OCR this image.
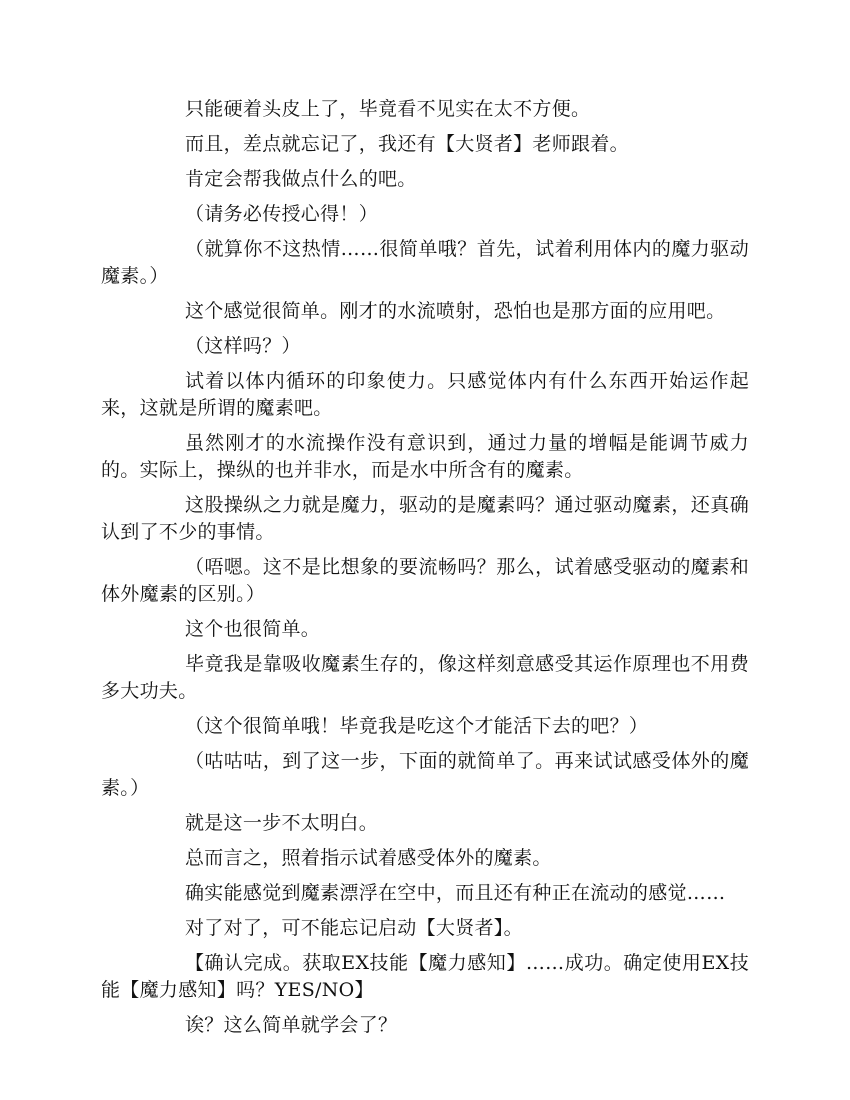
只能硬着头皮上了，毕竟看不见实在太不方便。

而且，差点就忘记了，我还有【大贤者】老师跟着。

肯定会帮我做点什么的吧。

（请务必传授心得！）

（就算你不这热情……很简单哦？首先，试着利用体内的魔力驱动魔素。）

这个感觉很简单。刚才的水流喷射，恐怕也是那方面的应用吧。

（这样吗？）

试着以体内循环的印象使力。只感觉体内有什么东西开始运作起来，这就是所谓的魔素吧。

虽然刚才的水流操作没有意识到，通过力量的增幅是能调节威力的。实际上，操纵的也并非水，而是水中所含有的魔素。

这股操纵之力就是魔力，驱动的是魔素吗？通过驱动魔素，还真确认到了不少的事情。

（唔嗯。这不是比想象的要流畅吗？那么，试着感受驱动的魔素和体外魔素的区别。）

这个也很简单。

毕竟我是靠吸收魔素生存的，像这样刻意感受其运作原理也不用费多大功夫。

（这个很简单哦！毕竟我是吃这个才能活下去的吧？）

（咕咕咕，到了这一步，下面的就简单了。再来试试感受体外的魔素。）

就是这一步不太明白。

总而言之，照着指示试着感受体外的魔素。

确实能感觉到魔素漂浮在空中，而且还有种正在流动的感觉……

对了对了，可不能忘记启动【大贤者】。

【确认完成。获取EX技能【魔力感知】……成功。确定使用EX技能【魔力感知】吗？YES/NO】

诶？这么简单就学会了？
